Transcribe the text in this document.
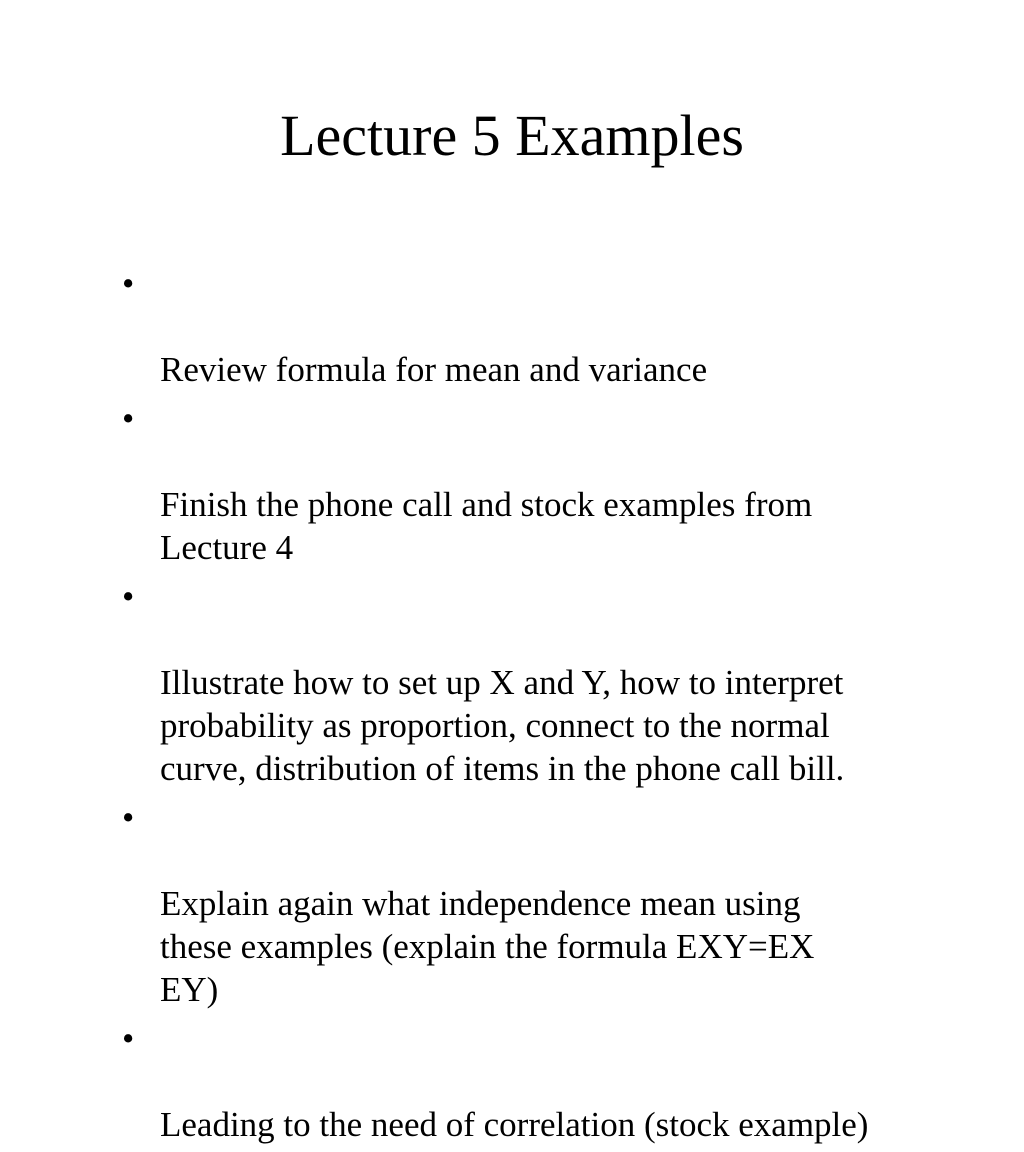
Lecture 5 Examples

•

Review formula for mean and variance

•

Finish the phone call and stock examples from
Lecture 4

•

Illustrate how to set up X and Y, how to interpret
probability as proportion, connect to the normal
curve, distribution of items in the phone call bill.

•

Explain again what independence mean using
these examples (explain the formula EXY=EX
EY)

•

Leading to the need of correlation (stock example)
